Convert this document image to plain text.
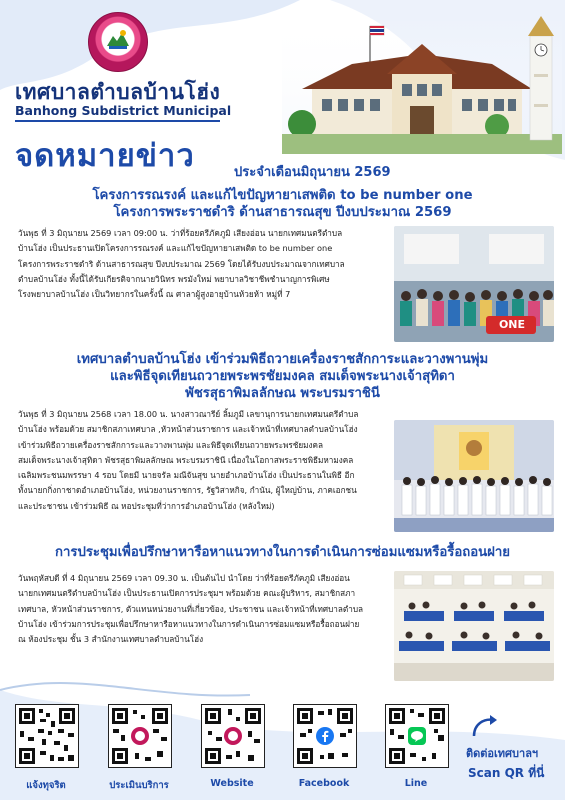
เทศบาลตำบลบ้านโฮ่ง
Banhong Subdistrict Municipal
จดหมายข่าว	ประจำเดือนมิถุนายน 2569
โครงการรณรงค์ และแก้ไขปัญหายาเสพติด to be number one
โครงการพระราชดำริ ด้านสาธารณสุข ปีงบประมาณ 2569
วันพุธ ที่ 3 มิถุนายน 2569 เวลา 09:00 น. ว่าที่ร้อยตรีภัคภูมิ เสียงอ่อน นายกเทศมนตรีตำบล
บ้านโฮ่ง เป็นประธานเปิดโครงการรณรงค์ และแก้ไขปัญหายาเสพติด to be number one
โครงการพระราชดำริ ด้านสาธารณสุข ปีงบประมาณ 2569 โดยได้รับงบประมาณจากเทศบาล
ตำบลบ้านโฮ่ง ทั้งนี้ได้รับเกียรติจากนายวินิทร พรมังใหม่ พยาบาลวิชาชีพชำนาญการพิเศษ
โรงพยาบาลบ้านโฮ่ง เป็นวิทยากรในครั้งนี้ ณ ศาลาผู้สูงอายุบ้านห้วยห้า หมู่ที่ 7
ONE
เทศบาลตำบลบ้านโฮ่ง เข้าร่วมพิธีถวายเครื่องราชสักการะและวางพานพุ่ม
และพิธีจุดเทียนถวายพระพรชัยมงคล สมเด็จพระนางเจ้าสุทิดา
พัชรสุธาพิมลลักษณ พระบรมราชินี
วันพุธ ที่ 3 มิถุนายน 2568 เวลา 18.00 น. นางสาวณารีย์ ลิ้มภูมี เลขานุการนายกเทศมนตรีตำบล
บ้านโฮ่ง พร้อมด้วย สมาชิกสภาเทศบาล ,หัวหน้าส่วนราชการ และเจ้าหน้าที่เทศบาลตำบลบ้านโฮ่ง
เข้าร่วมพิธีถวายเครื่องราชสักการะและวางพานพุ่ม และพิธีจุดเทียนถวายพระพรชัยมงคล
สมเด็จพระนางเจ้าสุทิดา พัชรสุธาพิมลลักษณ พระบรมราชินี เนื่องในโอกาสพระราชพิธีมหามงคล
เฉลิมพระชนมพรรษา 4 รอบ โดยมี นายจรัล มณีจันสุข นายอำเภอบ้านโฮ่ง เป็นประธานในพิธี อีก
ทั้งนายกกิ่งกาชาดอำเภอบ้านโฮ่ง, หน่วยงานราชการ, รัฐวิสาหกิจ, กำนัน, ผู้ใหญ่บ้าน, ภาคเอกชน
และประชาชน เข้าร่วมพิธี ณ หอประชุมที่ว่าการอำเภอบ้านโฮ่ง (หลังใหม่)
การประชุมเพื่อปรึกษาหารือหาแนวทางในการดำเนินการซ่อมแซมหรือรื้อถอนฝาย
วันพฤหัสบดี ที่ 4 มิถุนายน 2569 เวลา 09.30 น. เป็นต้นไป นำโดย ว่าที่ร้อยตรีภัคภูมิ เสียงอ่อน
นายกเทศมนตรีตำบลบ้านโฮ่ง เป็นประธานเปิดการประชุมฯ พร้อมด้วย คณะผู้บริหาร, สมาชิกสภา
เทศบาล, หัวหน้าส่วนราชการ, ตัวแทนหน่วยงานที่เกี่ยวข้อง, ประชาชน และเจ้าหน้าที่เทศบาลตำบล
บ้านโฮ่ง เข้าร่วมการประชุมเพื่อปรึกษาหารือหาแนวทางในการดำเนินการซ่อมแซมหรือรื้อถอนฝาย
ณ ห้องประชุม ชั้น 3 สำนักงานเทศบาลตำบลบ้านโฮ่ง
แจ้งทุจริต	ประเมินบริการ	Website	Facebook	Line
ติดต่อเทศบาลฯ
Scan QR ที่นี่
